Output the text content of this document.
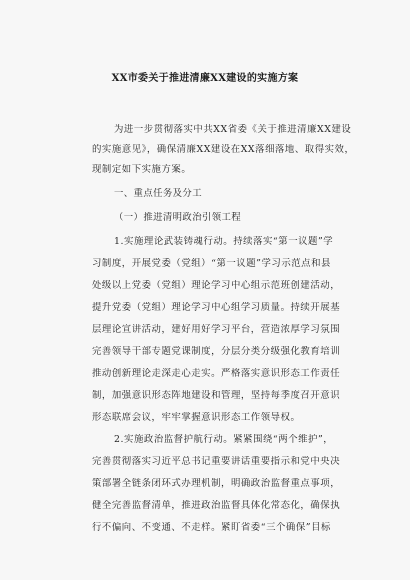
XX市委关于推进清廉XX建设的实施方案
为进一步贯彻落实中共XX省委《关于推进清廉XX建设
的实施意见》，确保清廉XX建设在XX落细落地、取得实效，
现制定如下实施方案。
一、重点任务及分工
（一）推进清明政治引领工程
1.实施理论武装铸魂行动。持续落实“第一议题”学
习制度，开展党委（党组）“第一议题”学习示范点和县
处级以上党委（党组）理论学习中心组示范班创建活动，
提升党委（党组）理论学习中心组学习质量。持续开展基
层理论宣讲活动，建好用好学习平台，营造浓厚学习氛围
完善领导干部专题党课制度，分层分类分级强化教育培训
推动创新理论走深走心走实。严格落实意识形态工作责任
制，加强意识形态阵地建设和管理，坚持每季度召开意识
形态联席会议，牢牢掌握意识形态工作领导权。
2.实施政治监督护航行动。紧紧围绕“两个维护”，
完善贯彻落实习近平总书记重要讲话重要指示和党中央决
策部署全链条闭环式办理机制，明确政治监督重点事项，
健全完善监督清单，推进政治监督具体化常态化，确保执
行不偏向、不变通、不走样。紧盯省委“三个确保”目标
